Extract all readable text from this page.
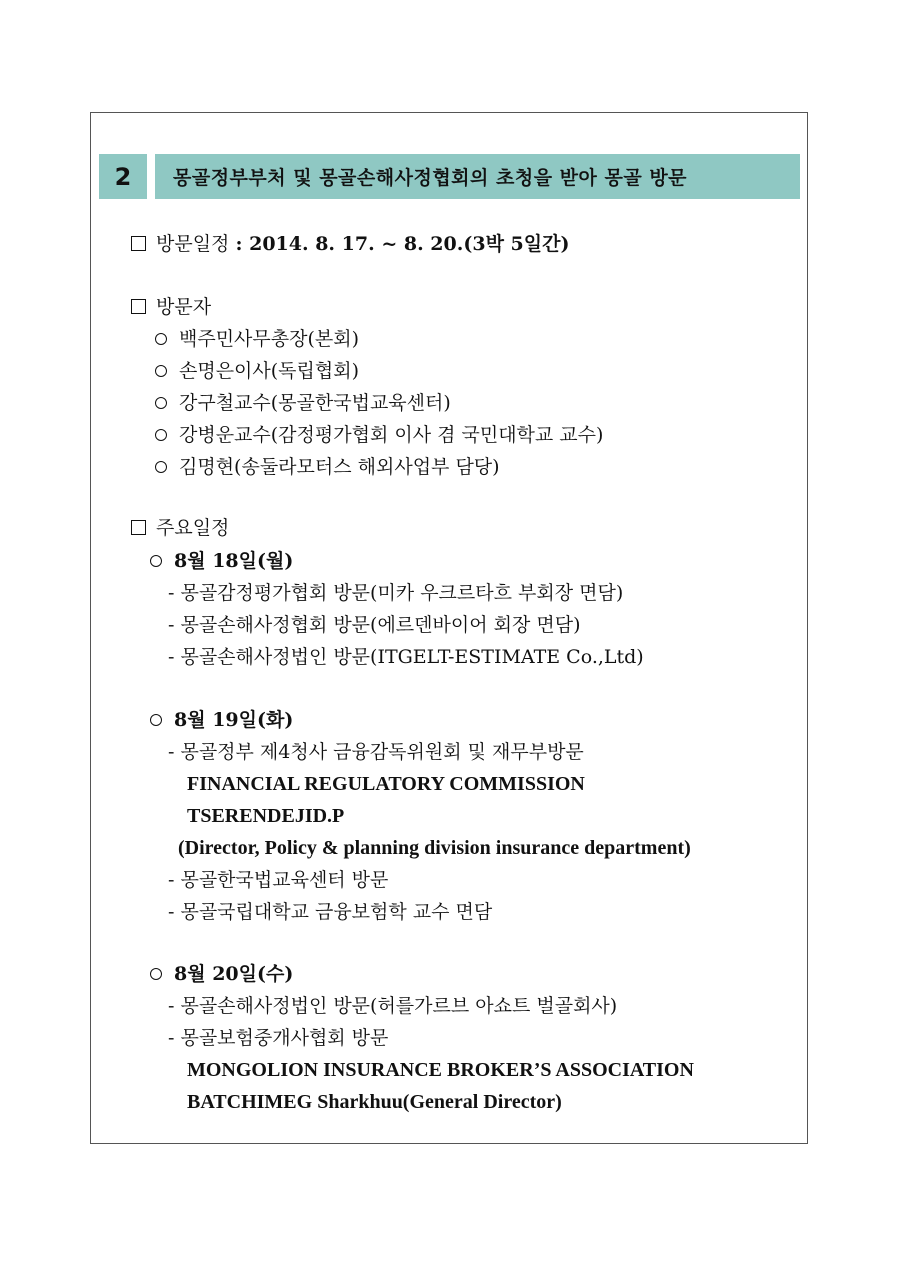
2	몽골정부부처 및 몽골손해사정협회의 초청을 받아 몽골 방문
방문일정 : 2014. 8. 17. ~ 8. 20.(3박 5일간)
방문자
백주민사무총장(본회)
손명은이사(독립협회)
강구철교수(몽골한국법교육센터)
강병운교수(감정평가협회 이사 겸 국민대학교 교수)
김명현(송둘라모터스 해외사업부 담당)
주요일정
8월 18일(월)
- 몽골감정평가협회 방문(미카 우크르타흐 부회장 면담)
- 몽골손해사정협회 방문(에르덴바이어 회장 면담)
- 몽골손해사정법인 방문(ITGELT-ESTIMATE Co.,Ltd)
8월 19일(화)
- 몽골정부 제4청사 금융감독위원회 및 재무부방문
FINANCIAL REGULATORY COMMISSION
TSERENDEJID.P
(Director, Policy & planning division insurance department)
- 몽골한국법교육센터 방문
- 몽골국립대학교 금융보험학 교수 면담
8월 20일(수)
- 몽골손해사정법인 방문(허를가르브 아쇼트 벌골회사)
- 몽골보험중개사협회 방문
MONGOLION INSURANCE BROKER’S ASSOCIATION
BATCHIMEG Sharkhuu(General Director)
